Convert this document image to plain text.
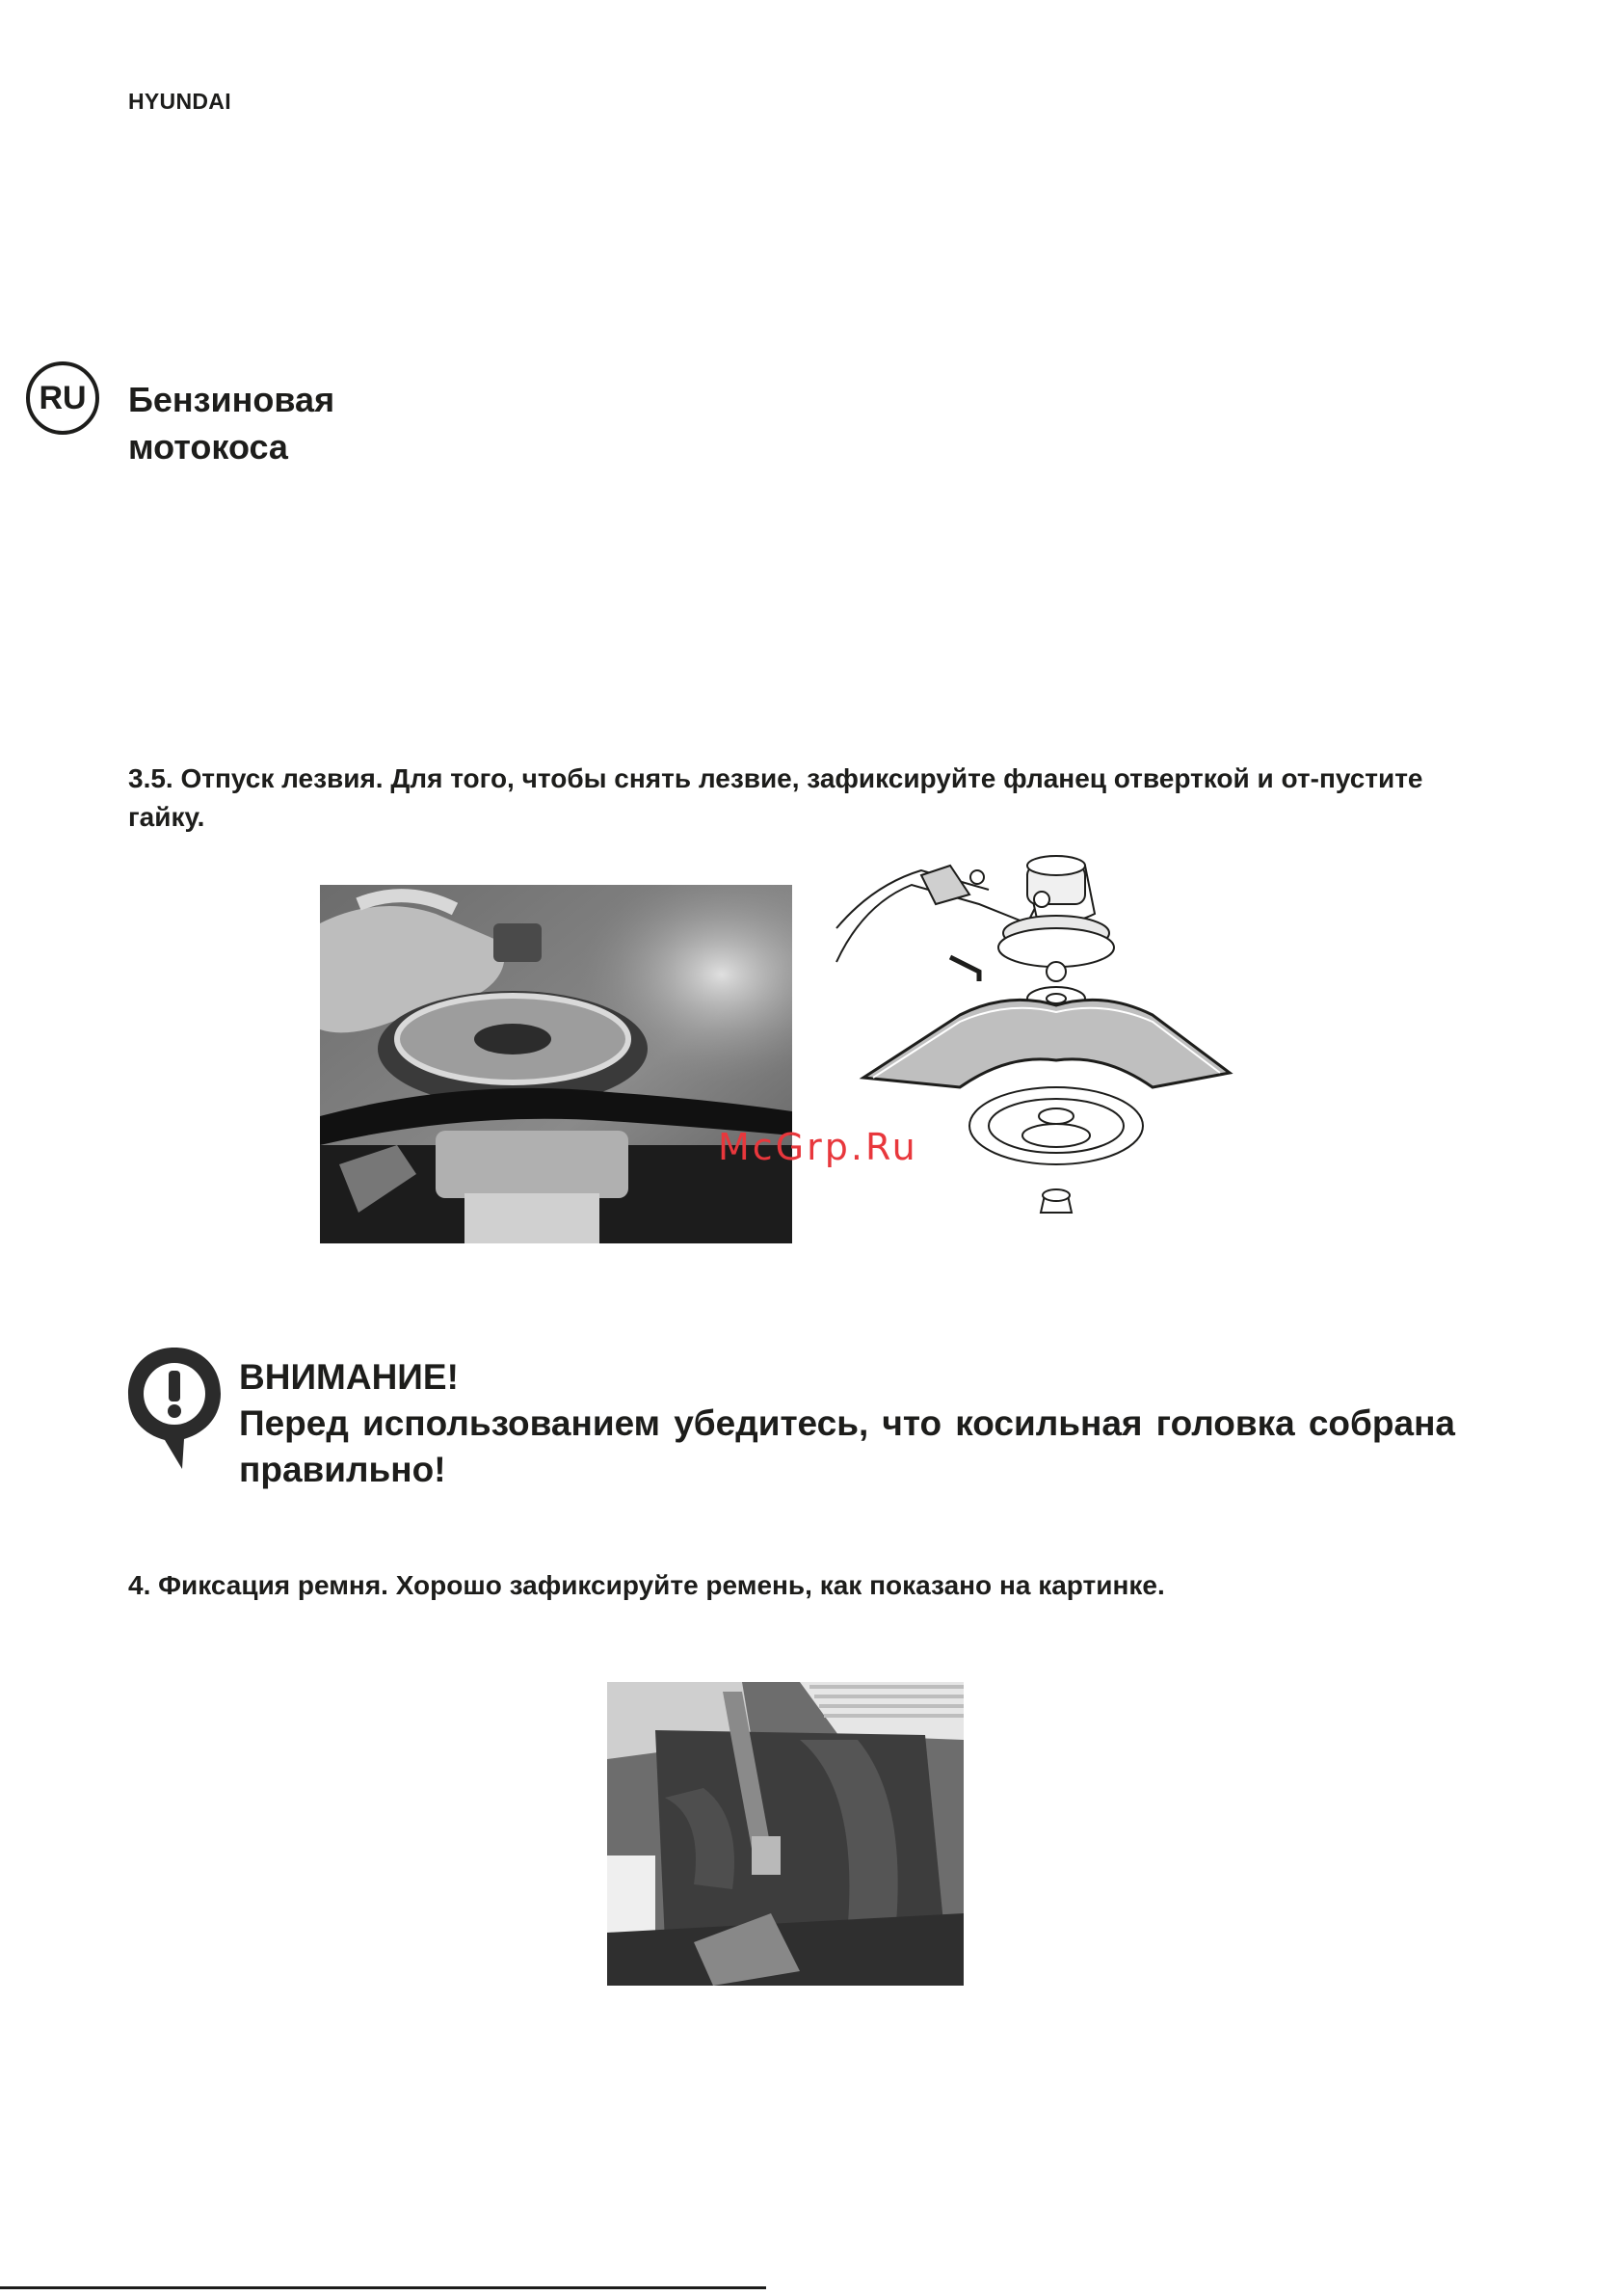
HYUNDAI
RU	Бензиновая
мотокоса
3.5. Отпуск лезвия. Для того, чтобы снять лезвие, зафиксируйте фланец отверткой и от-пустите гайку.
McGrp.Ru
ВНИМАНИЕ!
Перед использованием убедитесь, что косильная головка собрана правильно!
4. Фиксация ремня. Хорошо зафиксируйте ремень, как показано на картинке.
